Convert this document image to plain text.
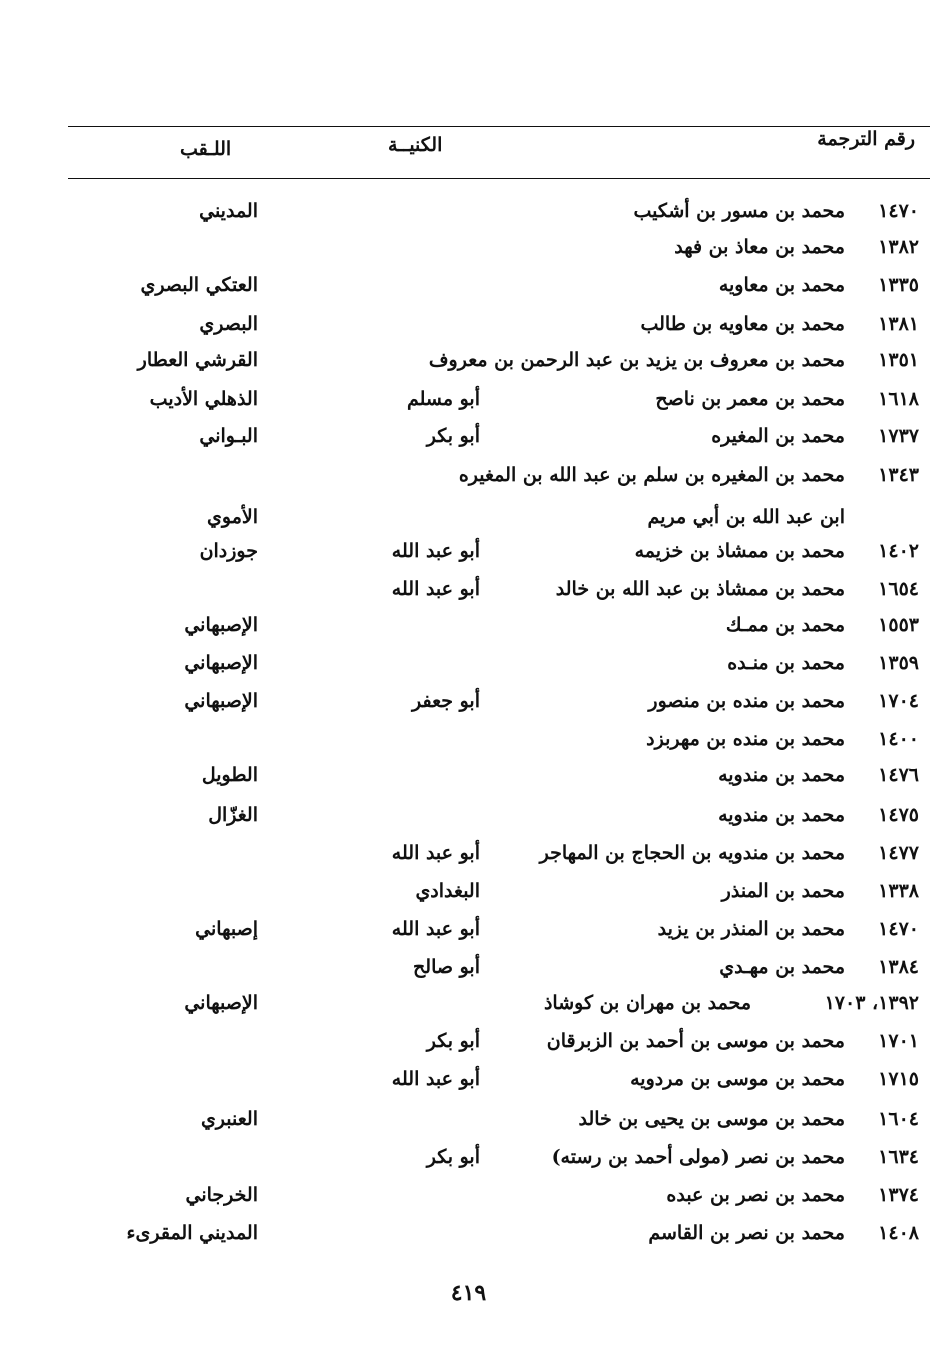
رقم الترجمة
الكنيــة
اللـقب
١٤٧٠
محمد بن مسور بن أشكيب
المديني
١٣٨٢
محمد بن معاذ بن فهد
١٣٣٥
محمد بن معاويه
العتكي البصري
١٣٨١
محمد بن معاويه بن طالب
البصري
١٣٥١
محمد بن معروف بن يزيد بن عبد الرحمن بن معروف
القرشي العطار
١٦١٨
محمد بن معمر بن ناصح
أبو مسلم
الذهلي الأديب
١٧٣٧
محمد بن المغيره
أبو بكر
البـواني
١٣٤٣
محمد بن المغيره بن سلم بن عبد الله بن المغيره
ابن عبد الله بن أبي مريم
الأموي
١٤٠٢
محمد بن ممشاذ بن خزيمه
أبو عبد الله
جوزدان
١٦٥٤
محمد بن ممشاذ بن عبد الله بن خالد
أبو عبد الله
١٥٥٣
محمد بن ممـك
الإصبهاني
١٣٥٩
محمد بن منـده
الإصبهاني
١٧٠٤
محمد بن منده بن منصور
أبو جعفر
الإصبهاني
١٤٠٠
محمد بن منده بن مهربزد
١٤٧٦
محمد بن مندويه
الطويل
١٤٧٥
محمد بن مندويه
الغزّال
١٤٧٧
محمد بن مندويه بن الحجاج بن المهاجر
أبو عبد الله
١٣٣٨
محمد بن المنذر
البغدادي
١٤٧٠
محمد بن المنذر بن يزيد
أبو عبد الله
إصبهاني
١٣٨٤
محمد بن مهـدي
أبو صالح
١٣٩٢، ١٧٠٣
محمد بن مهران بن كوشاذ
الإصبهاني
١٧٠١
محمد بن موسى بن أحمد بن الزبرقان
أبو بكر
١٧١٥
محمد بن موسى بن مردويه
أبو عبد الله
١٦٠٤
محمد بن موسى بن يحيى بن خالد
العنبري
١٦٣٤
محمد بن نصر (مولى أحمد بن رسته)
أبو بكر
١٣٧٤
محمد بن نصر بن عبده
الخرجاني
١٤٠٨
محمد بن نصر بن القاسم
المديني المقرىء
٤١٩
